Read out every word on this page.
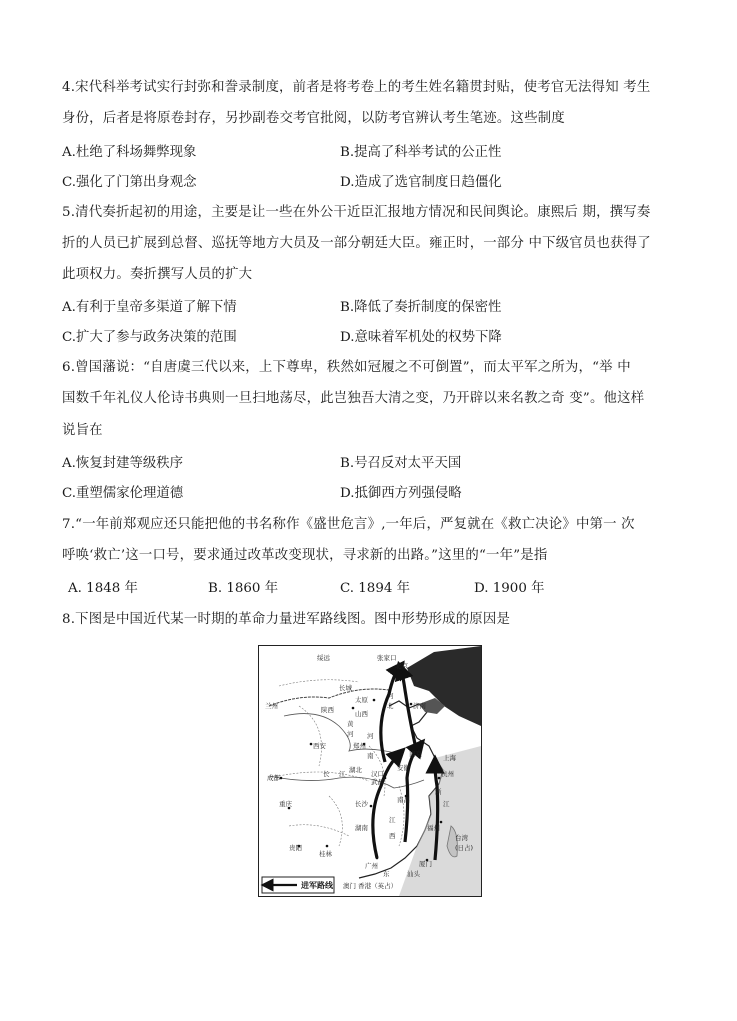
4.宋代科举考试实行封弥和誊录制度，前者是将考卷上的考生姓名籍贯封贴，使考官无法得知 考生
身份，后者是将原卷封存，另抄副卷交考官批阅，以防考官辨认考生笔迹。这些制度
A.杜绝了科场舞弊现象	B.提高了科举考试的公正性
C.强化了门第出身观念	D.造成了选官制度日趋僵化
5.清代奏折起初的用途，主要是让一些在外公干近臣汇报地方情况和民间舆论。康熙后 期，撰写奏
折的人员已扩展到总督、巡抚等地方大员及一部分朝廷大臣。雍正时，一部分 中下级官员也获得了
此项权力。奏折撰写人员的扩大
A.有利于皇帝多渠道了解下情	B.降低了奏折制度的保密性
C.扩大了参与政务决策的范围	D.意味着军机处的权势下降
6.曾国藩说：“自唐虞三代以来，上下尊卑，秩然如冠履之不可倒置”，而太平军之所为，“举 中
国数千年礼仪人伦诗书典则一旦扫地荡尽，此岂独吾大清之变，乃开辟以来名教之奇 变”。他这样
说旨在
A.恢复封建等级秩序	B.号召反对太平天国
C.重塑儒家伦理道德	D.抵御西方列强侵略
7.“一年前郑观应还只能把他的书名称作《盛世危言》,一年后，严复就在《救亡决论》中第一 次
呼唤‘救亡’这一口号，要求通过改革改变现状，寻求新的出路。”这里的“一年”是指
A. 1848 年	B. 1860 年	C. 1894 年	D. 1900 年
8.下图是中国近代某一时期的革命力量进军路线图。图中形势形成的原因是
绥远	张家口
北京
长城
太原
山西
陕西
兰州
西安
河
北	济南
黄
河
郑州
河
南	南京
安徽
湖北 汉口
武昌
成都
重庆
长 江
长沙	南昌
湖南
江
西
浙
江
杭州
上海
福州
贵阳
桂林
广州
东
厦门
台湾
(日占)
汕头
澳门 香港（英占）
进军路线
